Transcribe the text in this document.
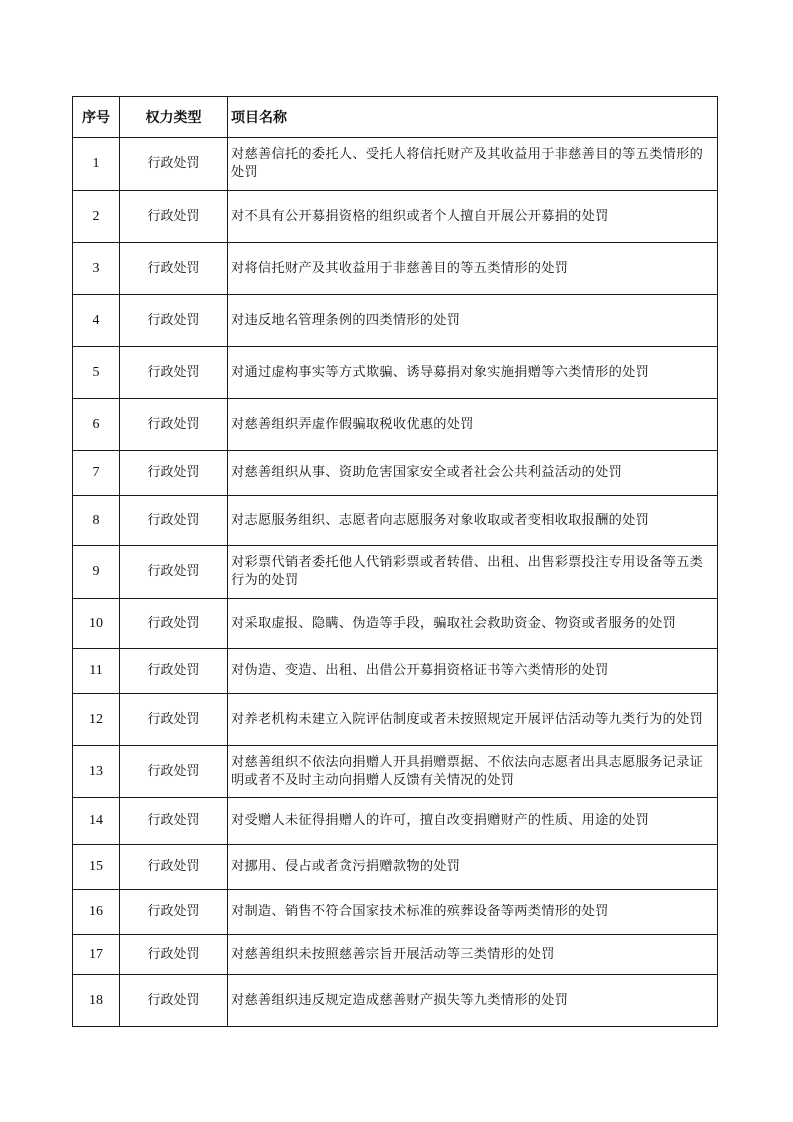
序号	权力类型	项目名称
1	行政处罚	对慈善信托的委托人、受托人将信托财产及其收益用于非慈善目的等五类情形的处罚
2	行政处罚	对不具有公开募捐资格的组织或者个人擅自开展公开募捐的处罚
3	行政处罚	对将信托财产及其收益用于非慈善目的等五类情形的处罚
4	行政处罚	对违反地名管理条例的四类情形的处罚
5	行政处罚	对通过虚构事实等方式欺骗、诱导募捐对象实施捐赠等六类情形的处罚
6	行政处罚	对慈善组织弄虚作假骗取税收优惠的处罚
7	行政处罚	对慈善组织从事、资助危害国家安全或者社会公共利益活动的处罚
8	行政处罚	对志愿服务组织、志愿者向志愿服务对象收取或者变相收取报酬的处罚
9	行政处罚	对彩票代销者委托他人代销彩票或者转借、出租、出售彩票投注专用设备等五类行为的处罚
10	行政处罚	对采取虚报、隐瞒、伪造等手段，骗取社会救助资金、物资或者服务的处罚
11	行政处罚	对伪造、变造、出租、出借公开募捐资格证书等六类情形的处罚
12	行政处罚	对养老机构未建立入院评估制度或者未按照规定开展评估活动等九类行为的处罚
13	行政处罚	对慈善组织不依法向捐赠人开具捐赠票据、不依法向志愿者出具志愿服务记录证明或者不及时主动向捐赠人反馈有关情况的处罚
14	行政处罚	对受赠人未征得捐赠人的许可，擅自改变捐赠财产的性质、用途的处罚
15	行政处罚	对挪用、侵占或者贪污捐赠款物的处罚
16	行政处罚	对制造、销售不符合国家技术标准的殡葬设备等两类情形的处罚
17	行政处罚	对慈善组织未按照慈善宗旨开展活动等三类情形的处罚
18	行政处罚	对慈善组织违反规定造成慈善财产损失等九类情形的处罚
